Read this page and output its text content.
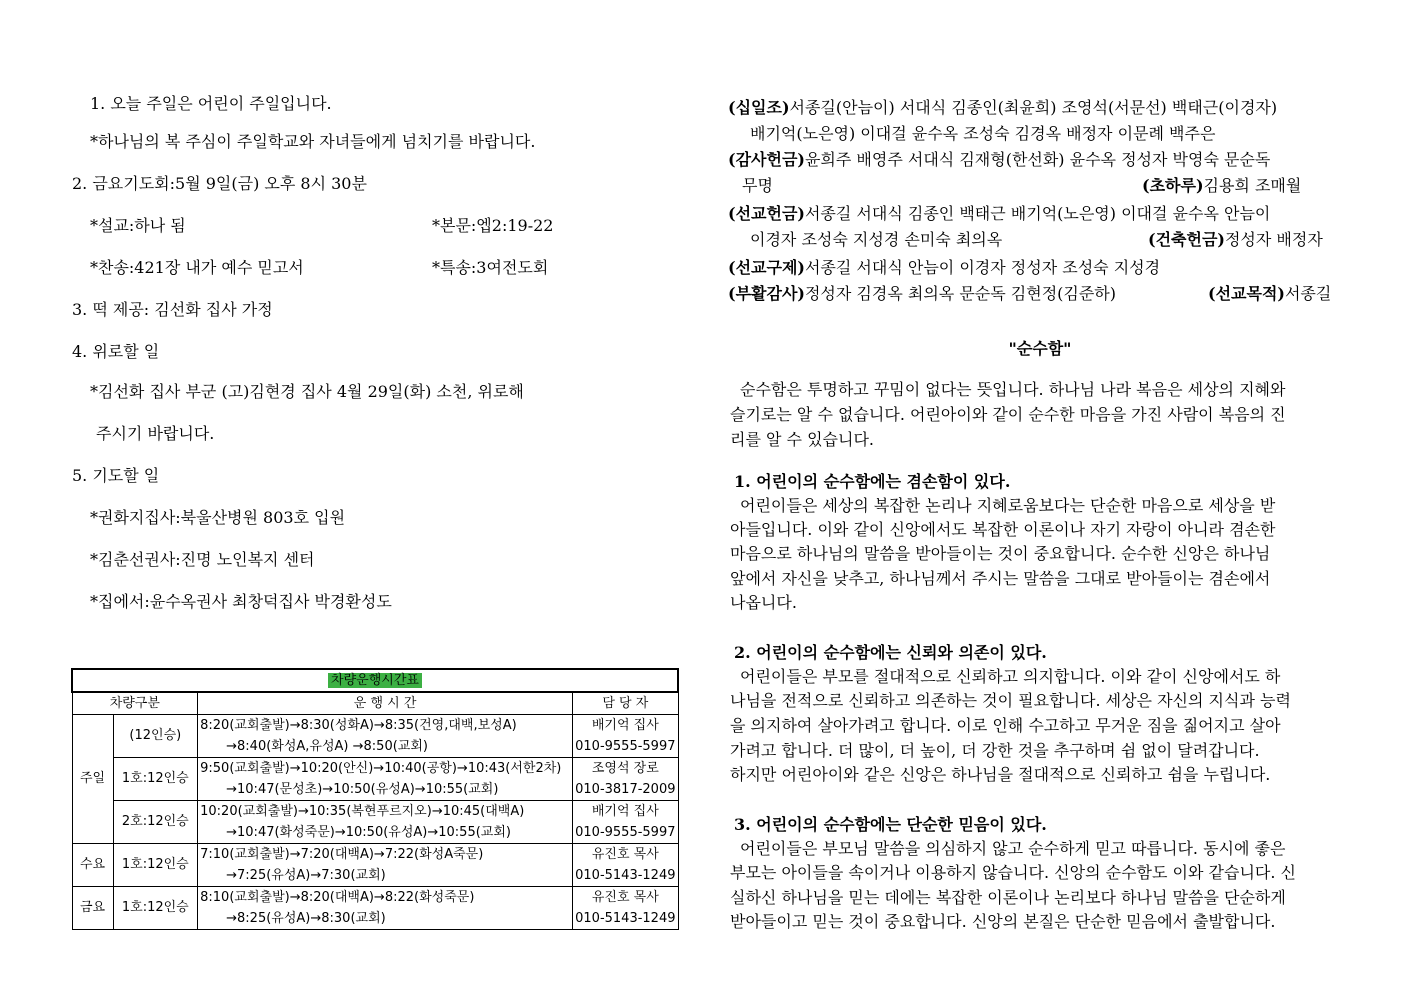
1. 오늘 주일은 어린이 주일입니다.
*하나님의 복 주심이 주일학교와 자녀들에게 넘치기를 바랍니다.
2. 금요기도회:5월 9일(금) 오후 8시 30분
*설교:하나 됨	*본문:엡2:19-22
*찬송:421장 내가 예수 믿고서	*특송:3여전도회
3. 떡 제공: 김선화 집사 가정
4. 위로할 일
*김선화 집사 부군 (고)김현경 집사 4월 29일(화) 소천, 위로해
주시기 바랍니다.
5. 기도할 일
*권화지집사:북울산병원 803호 입원
*김춘선권사:진명 노인복지 센터
*집에서:윤수옥권사 최창덕집사 박경환성도
차량운행시간표			
차량구분		운 행 시 간	담 당 자
주일	(12인승)	8:20(교회출발)→8:30(성화A)→8:35(건영,대백,보성A)	배기억 집사
		→8:40(화성A,유성A) →8:50(교회)	010-9555-5997
	1호:12인승	9:50(교회출발)→10:20(안신)→10:40(공항)→10:43(서한2차)	조영석 장로
		→10:47(문성초)→10:50(유성A)→10:55(교회)	010-3817-2009
	2호:12인승	10:20(교회출발)→10:35(복현푸르지오)→10:45(대백A)	배기억 집사
		→10:47(화성죽문)→10:50(유성A)→10:55(교회)	010-9555-5997
수요	1호:12인승	7:10(교회출발)→7:20(대백A)→7:22(화성A죽문)	유진호 목사
		→7:25(유성A)→7:30(교회)	010-5143-1249
금요	1호:12인승	8:10(교회출발)→8:20(대백A)→8:22(화성죽문)	유진호 목사
		→8:25(유성A)→8:30(교회)	010-5143-1249
(십일조)서종길(안늠이) 서대식 김종인(최윤희) 조영석(서문선) 백태근(이경자)
배기억(노은영) 이대걸 윤수옥 조성숙 김경옥 배정자 이문례 백주은
(감사헌금)윤희주 배영주 서대식 김재형(한선화) 윤수옥 정성자 박영숙 문순독
무명	(초하루)김용희 조매월
(선교헌금)서종길 서대식 김종인 백태근 배기억(노은영) 이대걸 윤수옥 안늠이
이경자 조성숙 지성경 손미숙 최의옥	(건축헌금)정성자 배정자
(선교구제)서종길 서대식 안늠이 이경자 정성자 조성숙 지성경
(부활감사)정성자 김경옥 최의옥 문순독 김현정(김준하)	(선교목적)서종길
"순수함"
순수함은 투명하고 꾸밈이 없다는 뜻입니다. 하나님 나라 복음은 세상의 지혜와
슬기로는 알 수 없습니다. 어린아이와 같이 순수한 마음을 가진 사람이 복음의 진
리를 알 수 있습니다.
1. 어린이의 순수함에는 겸손함이 있다.
어린이들은 세상의 복잡한 논리나 지혜로움보다는 단순한 마음으로 세상을 받
아들입니다. 이와 같이 신앙에서도 복잡한 이론이나 자기 자랑이 아니라 겸손한
마음으로 하나님의 말씀을 받아들이는 것이 중요합니다. 순수한 신앙은 하나님
앞에서 자신을 낮추고, 하나님께서 주시는 말씀을 그대로 받아들이는 겸손에서
나옵니다.
2. 어린이의 순수함에는 신뢰와 의존이 있다.
어린이들은 부모를 절대적으로 신뢰하고 의지합니다. 이와 같이 신앙에서도 하
나님을 전적으로 신뢰하고 의존하는 것이 필요합니다. 세상은 자신의 지식과 능력
을 의지하여 살아가려고 합니다. 이로 인해 수고하고 무거운 짐을 짊어지고 살아
가려고 합니다. 더 많이, 더 높이, 더 강한 것을 추구하며 쉼 없이 달려갑니다.
하지만 어린아이와 같은 신앙은 하나님을 절대적으로 신뢰하고 쉼을 누립니다.
3. 어린이의 순수함에는 단순한 믿음이 있다.
어린이들은 부모님 말씀을 의심하지 않고 순수하게 믿고 따릅니다. 동시에 좋은
부모는 아이들을 속이거나 이용하지 않습니다. 신앙의 순수함도 이와 같습니다. 신
실하신 하나님을 믿는 데에는 복잡한 이론이나 논리보다 하나님 말씀을 단순하게
받아들이고 믿는 것이 중요합니다. 신앙의 본질은 단순한 믿음에서 출발합니다.
